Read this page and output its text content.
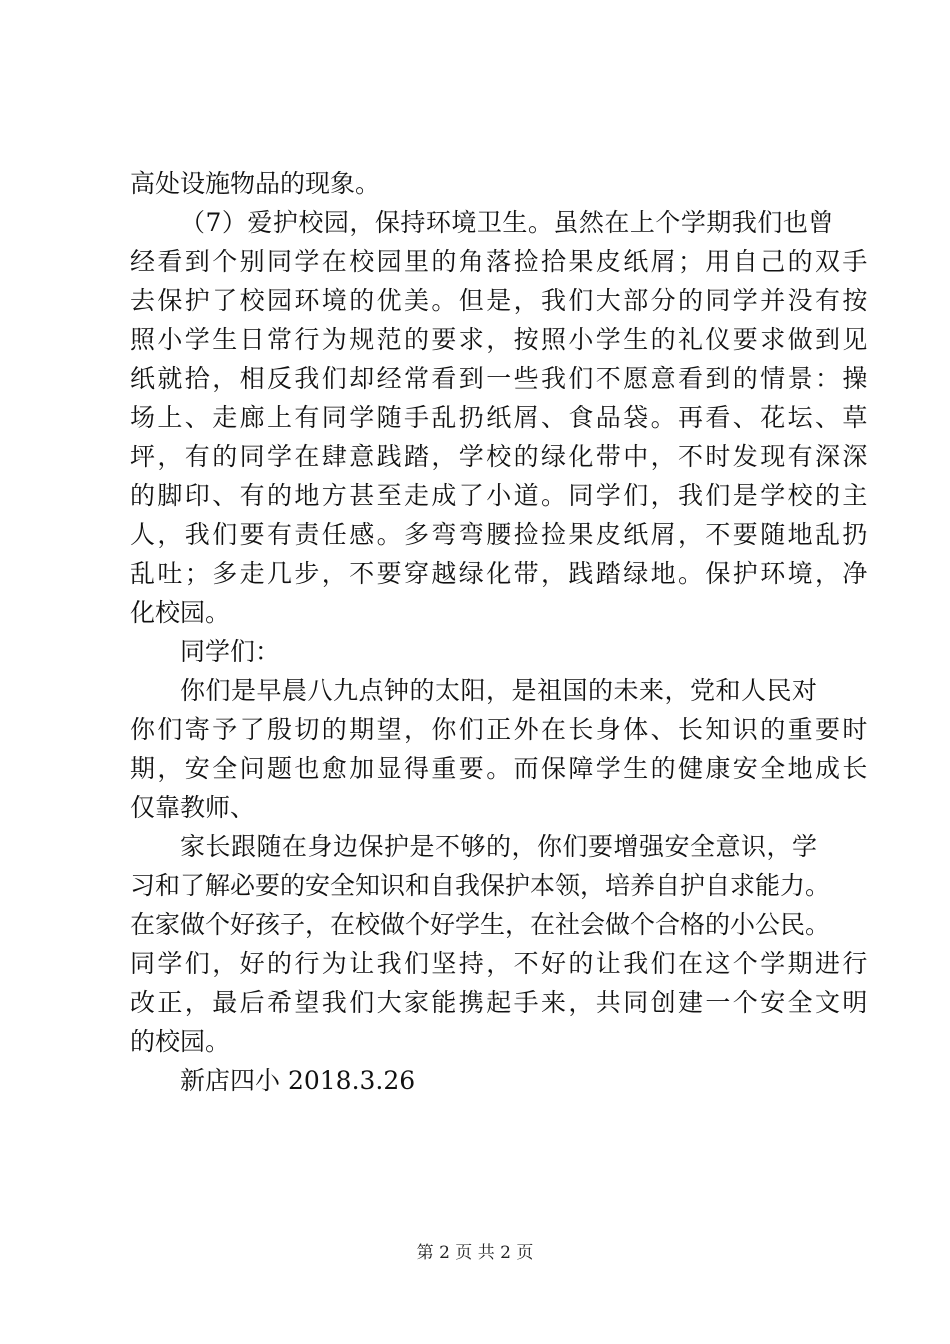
高处设施物品的现象。
（7）爱护校园，保持环境卫生。虽然在上个学期我们也曾
经看到个别同学在校园里的角落捡拾果皮纸屑；用自己的双手
去保护了校园环境的优美。但是，我们大部分的同学并没有按
照小学生日常行为规范的要求，按照小学生的礼仪要求做到见
纸就拾，相反我们却经常看到一些我们不愿意看到的情景：操
场上、走廊上有同学随手乱扔纸屑、食品袋。再看、花坛、草
坪，有的同学在肆意践踏，学校的绿化带中，不时发现有深深
的脚印、有的地方甚至走成了小道。同学们，我们是学校的主
人，我们要有责任感。多弯弯腰捡捡果皮纸屑，不要随地乱扔
乱吐；多走几步，不要穿越绿化带，践踏绿地。保护环境，净
化校园。
同学们：
你们是早晨八九点钟的太阳，是祖国的未来，党和人民对
你们寄予了殷切的期望，你们正外在长身体、长知识的重要时
期，安全问题也愈加显得重要。而保障学生的健康安全地成长
仅靠教师、
家长跟随在身边保护是不够的，你们要增强安全意识，学
习和了解必要的安全知识和自我保护本领，培养自护自求能力。
在家做个好孩子，在校做个好学生，在社会做个合格的小公民。
同学们，好的行为让我们坚持，不好的让我们在这个学期进行
改正，最后希望我们大家能携起手来，共同创建一个安全文明
的校园。
新店四小 2018.3.26
第 2 页 共 2 页
